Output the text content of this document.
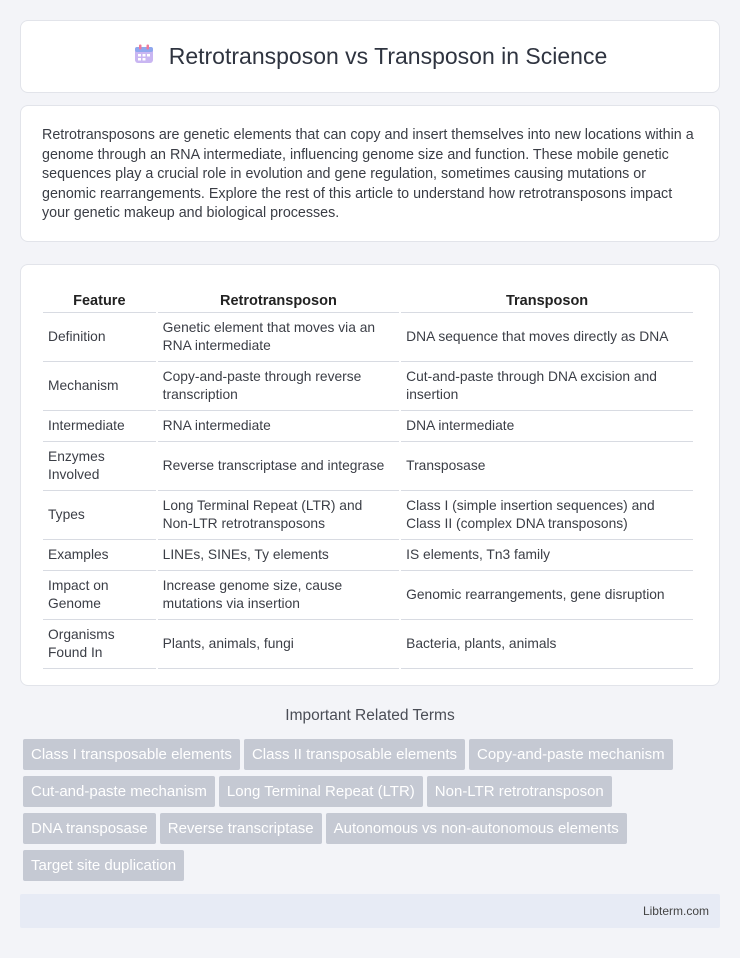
Retrotransposon vs Transposon in Science

Retrotransposons are genetic elements that can copy and insert themselves into new locations within a genome through an RNA intermediate, influencing genome size and function. These mobile genetic sequences play a crucial role in evolution and gene regulation, sometimes causing mutations or genomic rearrangements. Explore the rest of this article to understand how retrotransposons impact your genetic makeup and biological processes.

Feature	Retrotransposon	Transposon
Definition	Genetic element that moves via an RNA intermediate	DNA sequence that moves directly as DNA
Mechanism	Copy-and-paste through reverse transcription	Cut-and-paste through DNA excision and insertion
Intermediate	RNA intermediate	DNA intermediate
Enzymes Involved	Reverse transcriptase and integrase	Transposase
Types	Long Terminal Repeat (LTR) and Non-LTR retrotransposons	Class I (simple insertion sequences) and Class II (complex DNA transposons)
Examples	LINEs, SINEs, Ty elements	IS elements, Tn3 family
Impact on Genome	Increase genome size, cause mutations via insertion	Genomic rearrangements, gene disruption
Organisms Found In	Plants, animals, fungi	Bacteria, plants, animals
Important Related Terms
Class I transposable elements Class II transposable elements Copy-and-paste mechanismCut-and-paste mechanism Long Terminal Repeat (LTR) Non-LTR retrotransposonDNA transposase Reverse transcriptase Autonomous vs non-autonomous elementsTarget site duplication
Libterm.com
